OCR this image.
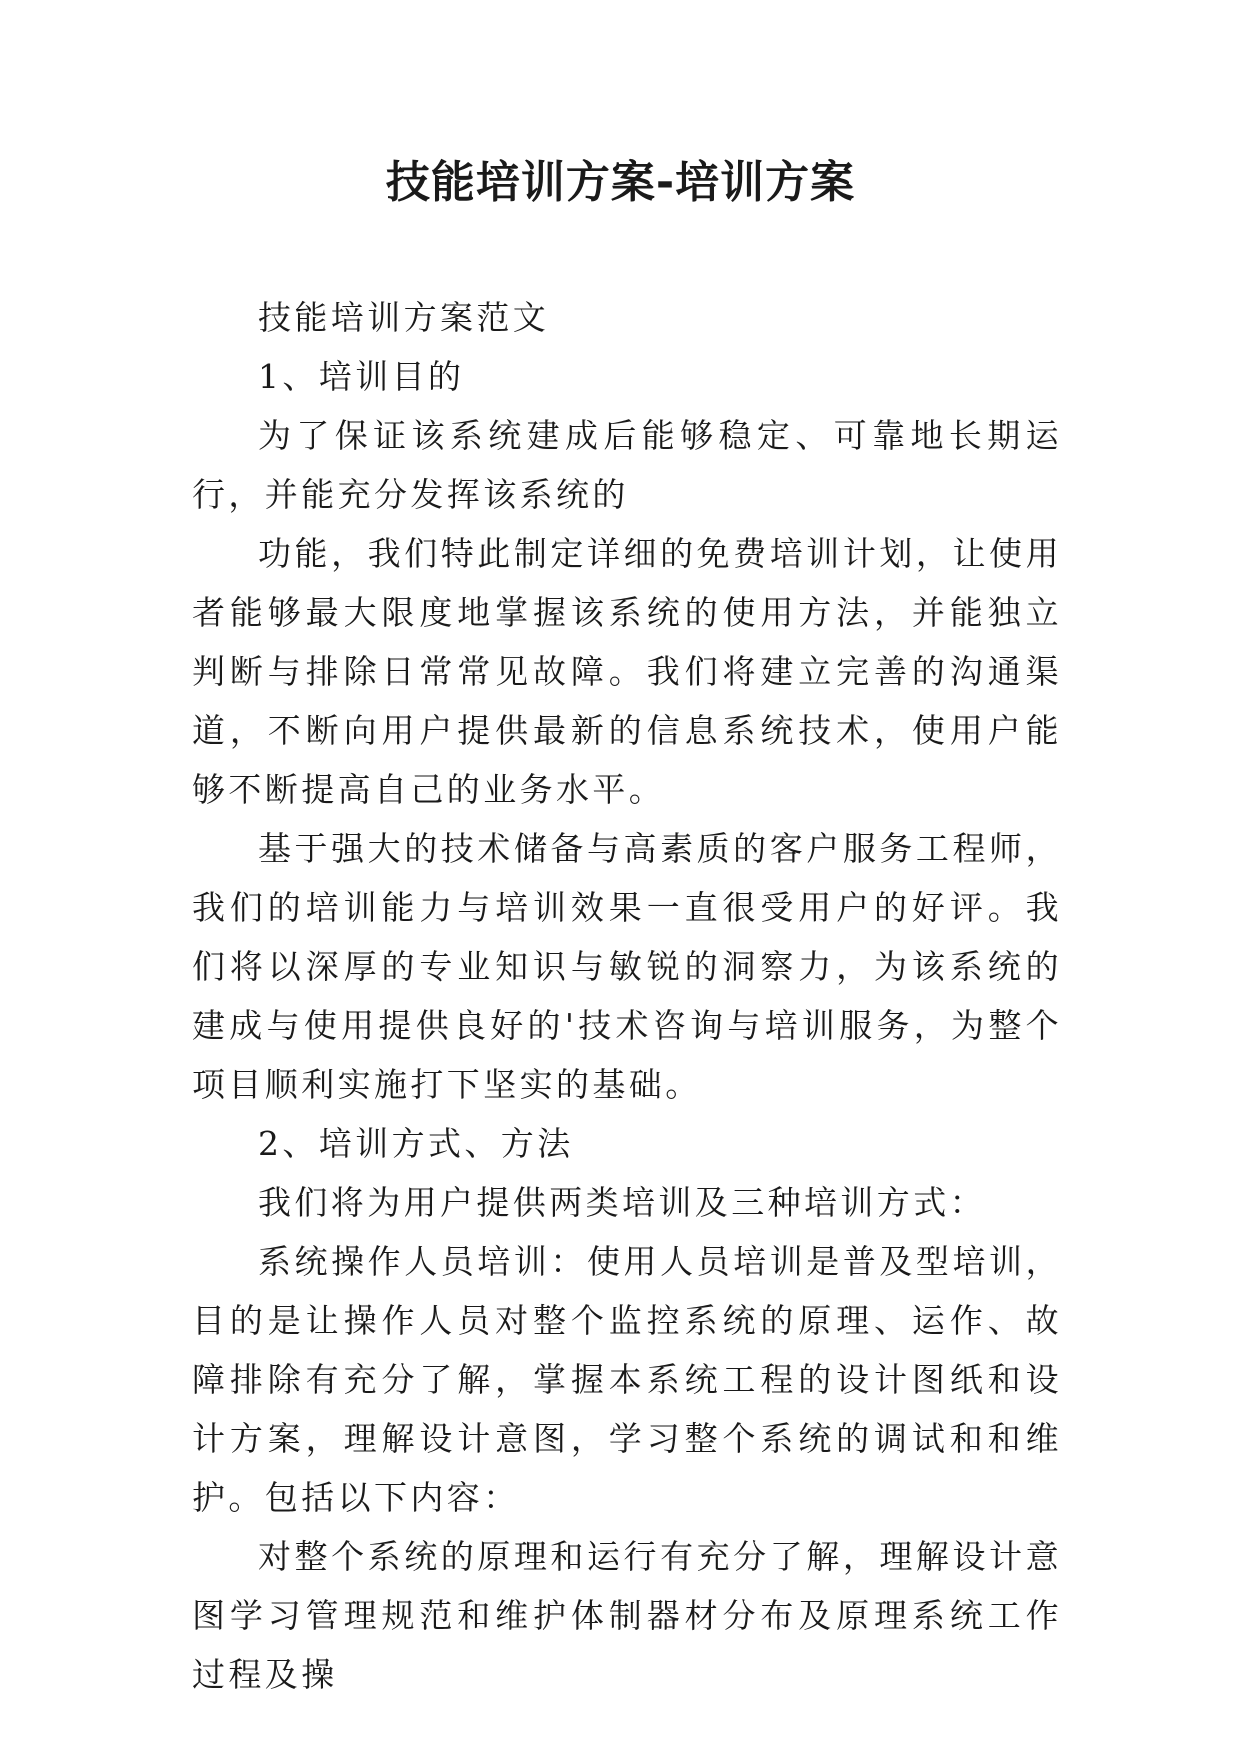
技能培训方案-培训方案

技能培训方案范文

1、培训目的

为了保证该系统建成后能够稳定、可靠地长期运行，并能充分发挥该系统的

功能，我们特此制定详细的免费培训计划，让使用者能够最大限度地掌握该系统的使用方法，并能独立判断与排除日常常见故障。我们将建立完善的沟通渠道，不断向用户提供最新的信息系统技术，使用户能够不断提高自己的业务水平。

基于强大的技术储备与高素质的客户服务工程师，我们的培训能力与培训效果一直很受用户的好评。我们将以深厚的专业知识与敏锐的洞察力，为该系统的建成与使用提供良好的'技术咨询与培训服务，为整个项目顺利实施打下坚实的基础。

2、培训方式、方法

我们将为用户提供两类培训及三种培训方式：

系统操作人员培训：使用人员培训是普及型培训，目的是让操作人员对整个监控系统的原理、运作、故障排除有充分了解，掌握本系统工程的设计图纸和设计方案，理解设计意图，学习整个系统的调试和和维护。包括以下内容：

对整个系统的原理和运行有充分了解，理解设计意图学习管理规范和维护体制器材分布及原理系统工作过程及操
